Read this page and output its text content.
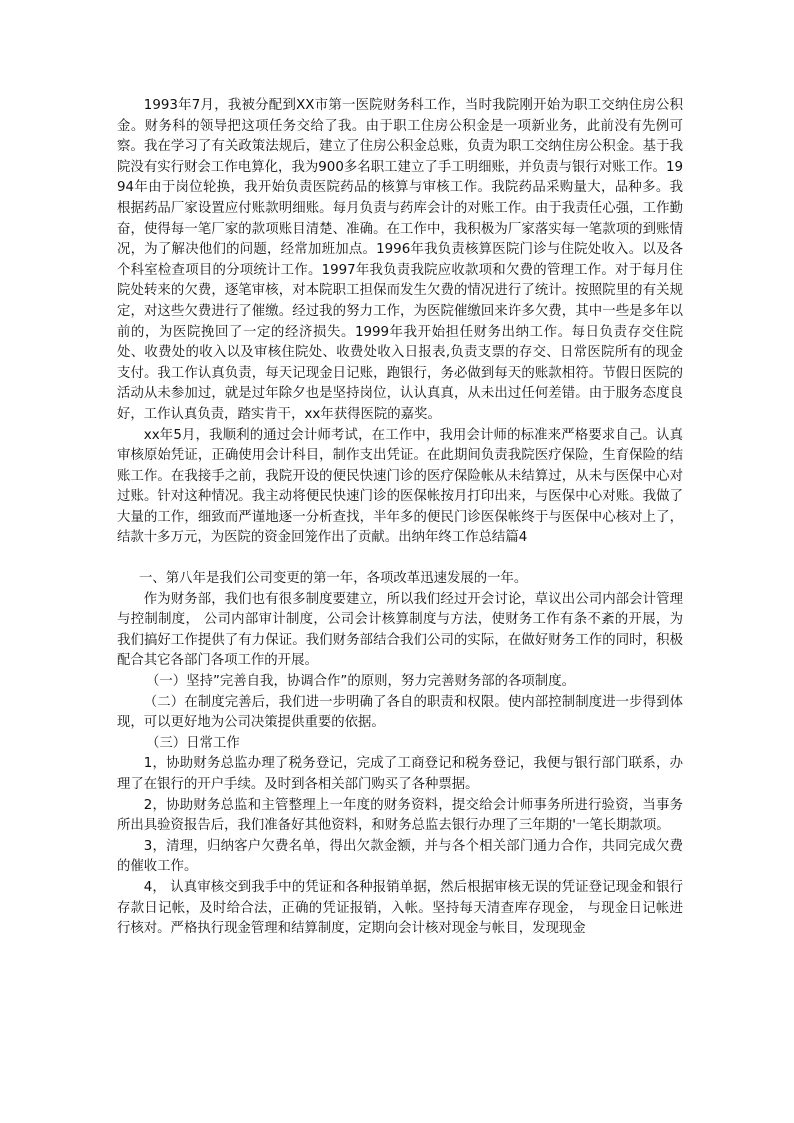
1993年7月，我被分配到XX市第一医院财务科工作，当时我院刚开始为职工交纳住房公积金。财务科的领导把这项任务交给了我。由于职工住房公积金是一项新业务，此前没有先例可察。我在学习了有关政策法规后，建立了住房公积金总账，负责为职工交纳住房公积金。基于我院没有实行财会工作电算化，我为900多名职工建立了手工明细账，并负责与银行对账工作。1994年由于岗位轮换，我开始负责医院药品的核算与审核工作。我院药品采购量大，品种多。我根据药品厂家设置应付账款明细账。每月负责与药库会计的对账工作。由于我责任心强，工作勤奋，使得每一笔厂家的款项账目清楚、准确。在工作中，我积极为厂家落实每一笔款项的到账情况，为了解决他们的问题，经常加班加点。1996年我负责核算医院门诊与住院处收入。以及各个科室检查项目的分项统计工作。1997年我负责我院应收款项和欠费的管理工作。对于每月住院处转来的欠费，逐笔审核，对本院职工担保而发生欠费的情况进行了统计。按照院里的有关规定，对这些欠费进行了催缴。经过我的努力工作，为医院催缴回来许多欠费，其中一些是多年以前的，为医院挽回了一定的经济损失。1999年我开始担任财务出纳工作。每日负责存交住院处、收费处的收入以及审核住院处、收费处收入日报表,负责支票的存交、日常医院所有的现金支付。我工作认真负责，每天记现金日记账，跑银行，务必做到每天的账款相符。节假日医院的活动从未参加过，就是过年除夕也是坚持岗位，认认真真，从未出过任何差错。由于服务态度良好，工作认真负责，踏实肯干，xx年获得医院的嘉奖。

xx年5月，我顺利的通过会计师考试，在工作中，我用会计师的标准来严格要求自己。认真审核原始凭证，正确使用会计科目，制作支出凭证。在此期间负责我院医疗保险，生育保险的结账工作。在我接手之前，我院开设的便民快速门诊的医疗保险帐从未结算过，从未与医保中心对过账。针对这种情况。我主动将便民快速门诊的医保帐按月打印出来，与医保中心对账。我做了大量的工作，细致而严谨地逐一分析查找，半年多的便民门诊医保帐终于与医保中心核对上了，结款十多万元，为医院的资金回笼作出了贡献。出纳年终工作总结篇4

一、第八年是我们公司变更的第一年，各项改革迅速发展的一年。

作为财务部，我们也有很多制度要建立，所以我们经过开会讨论，草议出公司内部会计管理与控制制度， 公司内部审计制度，公司会计核算制度与方法，使财务工作有条不紊的开展，为我们搞好工作提供了有力保证。我们财务部结合我们公司的实际，在做好财务工作的同时，积极配合其它各部门各项工作的开展。

（一）坚持”完善自我，协调合作”的原则，努力完善财务部的各项制度。

（二）在制度完善后，我们进一步明确了各自的职责和权限。使内部控制制度进一步得到体现，可以更好地为公司决策提供重要的依据。

（三）日常工作

1，协助财务总监办理了税务登记，完成了工商登记和税务登记，我便与银行部门联系，办理了在银行的开户手续。及时到各相关部门购买了各种票据。

2，协助财务总监和主管整理上一年度的财务资料，提交给会计师事务所进行验资，当事务所出具验资报告后，我们准备好其他资料，和财务总监去银行办理了三年期的'一笔长期款项。

3，清理，归纳客户欠费名单，得出欠款金额，并与各个相关部门通力合作，共同完成欠费的催收工作。

4， 认真审核交到我手中的凭证和各种报销单据，然后根据审核无误的凭证登记现金和银行存款日记帐，及时给合法，正确的凭证报销，入帐。坚持每天清查库存现金， 与现金日记帐进行核对。严格执行现金管理和结算制度，定期向会计核对现金与帐目，发现现金
